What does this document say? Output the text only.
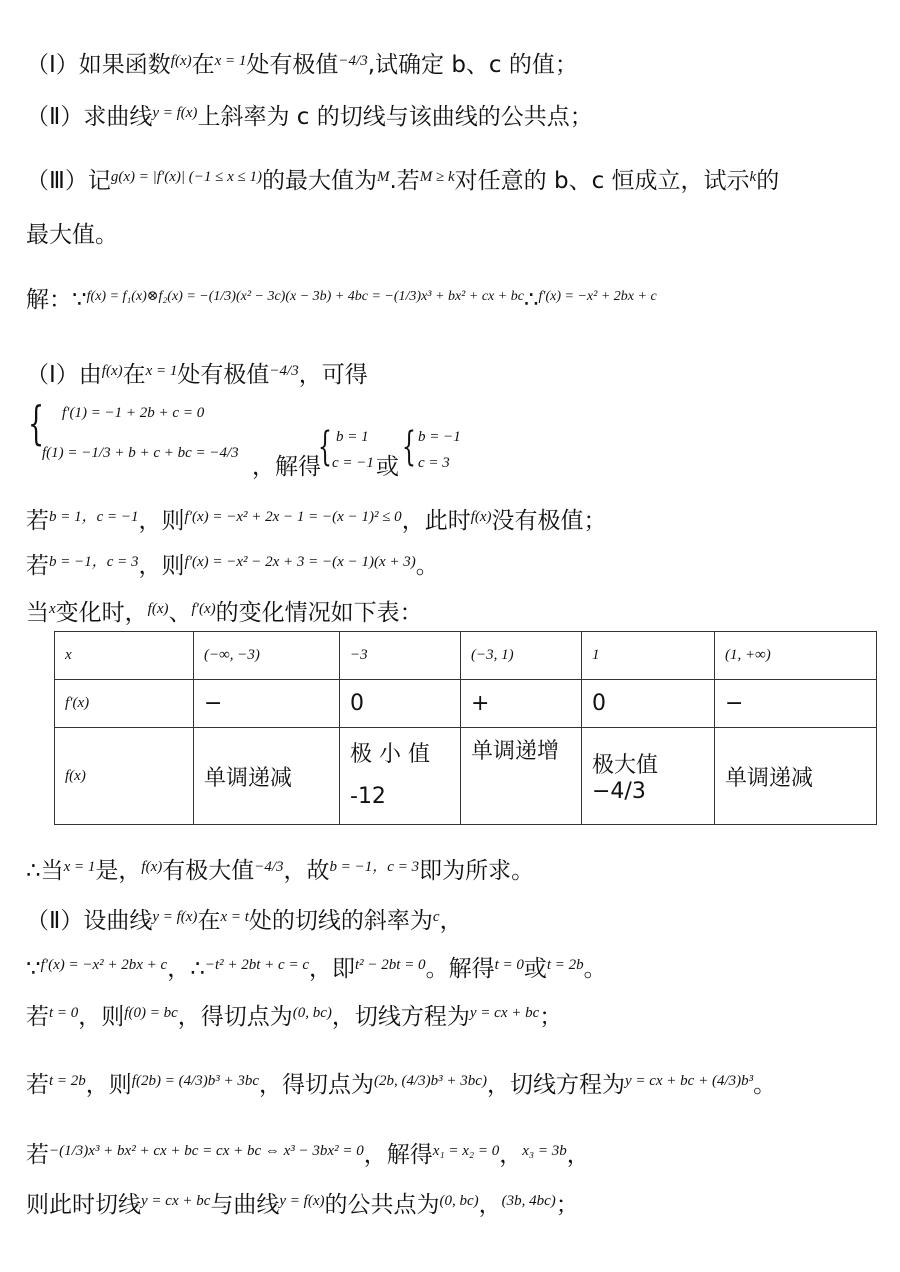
（Ⅰ）如果函数$^{f(x)}$在$^{x = 1}$处有极值$^{-4/3}$,试确定 b、c 的值；
（Ⅱ）求曲线$^{y = f(x)}$上斜率为 c 的切线与该曲线的公共点；
（Ⅲ）记$^{g(x) = |f'(x)| (-1 \le x \le 1)}$的最大值为$^M$.若$^{M \ge k}$对任意的 b、c 恒成立，试示$^k$的
最大值。
解：∵$^{f(x) = f_1(x)\otimes f_2(x) = -(1/3)(x^2 - 3c)(x - 3b) + 4bc = -(1/3)x^3 + bx^2 + cx + bc}$∴$^{f'(x) = -x^2 + 2bx + c}$
（Ⅰ）由$^{f(x)}$在$^{x = 1}$处有极值$^{-4/3}$，可得
{ f′(1) = −1 + 2b + c = 0
f(1) = −1/3 + b + c + bc = −4/3
，解得
{ b = 1
c = −1 或 { b = −1
c = 3
若$^{b = 1,c = -1}$，则$^{f'(x) = -x^2 + 2x - 1 = -(x - 1)^2 \le 0}$，此时$^{f(x)}$没有极值；
若$^{b = -1,c = 3}$，则$^{f'(x) = -x^2 - 2x + 3 = -(x - 1)(x + 3)}$。
当$^x$变化时，$^{f(x)}$、$^{f'(x)}$的变化情况如下表：
x	(−∞, −3)	−3	(−3, 1)	1	(1, +∞)
f′(x)	−	0	+	0	−
f(x)	单调递减	极 小 值 -12	单调递增	极大值 −4/3	单调递减
∴当$^{x = 1}$是，$^{f(x)}$有极大值$^{-4/3}$，故$^{b = -1,c = 3}$即为所求。
（Ⅱ）设曲线$^{y = f(x)}$在$^{x = t}$处的切线的斜率为$^c$，
∵$^{f'(x) = -x^2 + 2bx + c}$，∴$^{-t^2 + 2bt + c = c}$，即$^{t^2 - 2bt = 0}$。解得$^{t = 0}$或$^{t = 2b}$。
若$^{t = 0}$，则$^{f(0) = bc}$，得切点为$^{(0, bc)}$，切线方程为$^{y = cx + bc}$；
若$^{t = 2b}$，则$^{f(2b) = (4/3)b^3 + 3bc}$，得切点为$^{(2b, (4/3)b^3 + 3bc)}$，切线方程为$^{y = cx + bc + (4/3)b^3}$。
若$^{-(1/3)x^3 + bx^2 + cx + bc = cx + bc \Leftrightarrow x^3 - 3bx^2 = 0}$，解得$^{x_1 = x_2 = 0}$，$^{x_3 = 3b}$，
则此时切线$^{y = cx + bc}$与曲线$^{y = f(x)}$的公共点为$^{(0, bc)}$，$^{(3b, 4bc)}$；
